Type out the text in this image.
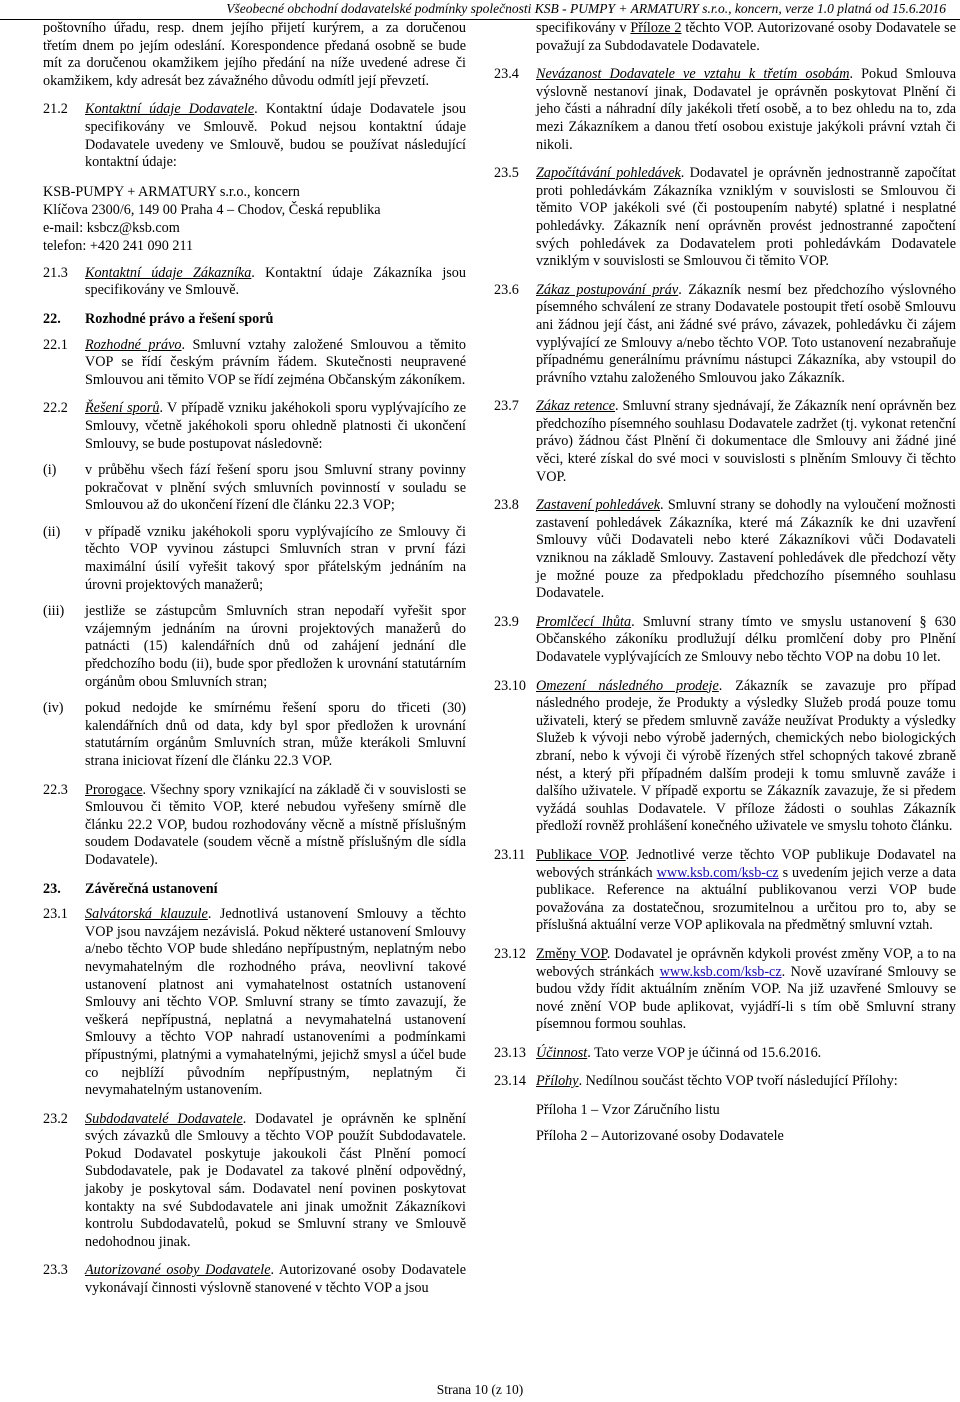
Všeobecné obchodní dodavatelské podmínky společnosti KSB - PUMPY + ARMATURY s.r.o., koncern, verze 1.0 platná od 15.6.2016

poštovního úřadu, resp. dnem jejího přijetí kurýrem, a za doručenou třetím dnem po jejím odeslání. Korespondence předaná osobně se bude mít za doručenou okamžikem jejího předání na níže uvedené adrese či okamžikem, kdy adresát bez závažného důvodu odmítl její převzetí.

21.2 Kontaktní údaje Dodavatele. Kontaktní údaje Dodavatele jsou specifikovány ve Smlouvě. Pokud nejsou kontaktní údaje Dodavatele uvedeny ve Smlouvě, budou se používat následující kontaktní údaje:
KSB-PUMPY + ARMATURY s.r.o., koncern
Klíčova 2300/6, 149 00 Praha 4 – Chodov, Česká republika
e-mail: ksbcz@ksb.com
telefon: +420 241 090 211
21.3 Kontaktní údaje Zákazníka. Kontaktní údaje Zákazníka jsou specifikovány ve Smlouvě.
22. Rozhodné právo a řešení sporů
22.1 Rozhodné právo. Smluvní vztahy založené Smlouvou a těmito VOP se řídí českým právním řádem. Skutečnosti neupravené Smlouvou ani těmito VOP se řídí zejména Občanským zákoníkem.
22.2 Řešení sporů. V případě vzniku jakéhokoli sporu vyplývajícího ze Smlouvy, včetně jakéhokoli sporu ohledně platnosti či ukončení Smlouvy, se bude postupovat následovně:
(i) v průběhu všech fází řešení sporu jsou Smluvní strany povinny pokračovat v plnění svých smluvních povinností v souladu se Smlouvou až do ukončení řízení dle článku 22.3 VOP;
(ii) v případě vzniku jakéhokoli sporu vyplývajícího ze Smlouvy či těchto VOP vyvinou zástupci Smluvních stran v první fázi maximální úsilí vyřešit takový spor přátelským jednáním na úrovni projektových manažerů;
(iii) jestliže se zástupcům Smluvních stran nepodaří vyřešit spor vzájemným jednáním na úrovni projektových manažerů do patnácti (15) kalendářních dnů od zahájení jednání dle předchozího bodu (ii), bude spor předložen k urovnání statutárním orgánům obou Smluvních stran;
(iv) pokud nedojde ke smírnému řešení sporu do třiceti (30) kalendářních dnů od data, kdy byl spor předložen k urovnání statutárním orgánům Smluvních stran, může kterákoli Smluvní strana iniciovat řízení dle článku 22.3 VOP.
22.3 Prorogace. Všechny spory vznikající na základě či v souvislosti se Smlouvou či těmito VOP, které nebudou vyřešeny smírně dle článku 22.2 VOP, budou rozhodovány věcně a místně příslušným soudem Dodavatele (soudem věcně a místně příslušným dle sídla Dodavatele).
23. Závěrečná ustanovení
23.1 Salvátorská klauzule. Jednotlivá ustanovení Smlouvy a těchto VOP jsou navzájem nezávislá. Pokud některé ustanovení Smlouvy a/nebo těchto VOP bude shledáno nepřípustným, neplatným nebo nevymahatelným dle rozhodného práva, neovlivní takové ustanovení platnost ani vymahatelnost ostatních ustanovení Smlouvy ani těchto VOP. Smluvní strany se tímto zavazují, že veškerá nepřípustná, neplatná a nevymahatelná ustanovení Smlouvy a těchto VOP nahradí ustanoveními a podmínkami přípustnými, platnými a vymahatelnými, jejichž smysl a účel bude co nejblíží původním nepřípustným, neplatným či nevymahatelným ustanovením.
23.2 Subdodavatelé Dodavatele. Dodavatel je oprávněn ke splnění svých závazků dle Smlouvy a těchto VOP použít Subdodavatele. Pokud Dodavatel poskytuje jakoukoli část Plnění pomocí Subdodavatele, pak je Dodavatel za takové plnění odpovědný, jakoby je poskytoval sám. Dodavatel není povinen poskytovat kontakty na své Subdodavatele ani jinak umožnit Zákazníkovi kontrolu Subdodavatelů, pokud se Smluvní strany ve Smlouvě nedohodnou jinak.
23.3 Autorizované osoby Dodavatele. Autorizované osoby Dodavatele vykonávají činnosti výslovně stanovené v těchto VOP a jsou

specifikovány v Příloze 2 těchto VOP. Autorizované osoby Dodavatele se považují za Subdodavatele Dodavatele.

23.4 Nevázanost Dodavatele ve vztahu k třetím osobám. Pokud Smlouva výslovně nestanoví jinak, Dodavatel je oprávněn poskytovat Plnění či jeho části a náhradní díly jakékoli třetí osobě, a to bez ohledu na to, zda mezi Zákazníkem a danou třetí osobou existuje jakýkoli právní vztah či nikoli.
23.5 Započítávání pohledávek. Dodavatel je oprávněn jednostranně započítat proti pohledávkám Zákazníka vzniklým v souvislosti se Smlouvou či těmito VOP jakékoli své (či postoupením nabyté) splatné i nesplatné pohledávky. Zákazník není oprávněn provést jednostranné započtení svých pohledávek za Dodavatelem proti pohledávkám Dodavatele vzniklým v souvislosti se Smlouvou či těmito VOP.
23.6 Zákaz postupování práv. Zákazník nesmí bez předchozího výslovného písemného schválení ze strany Dodavatele postoupit třetí osobě Smlouvu ani žádnou její část, ani žádné své právo, závazek, pohledávku či zájem vyplývající ze Smlouvy a/nebo těchto VOP. Toto ustanovení nezabraňuje případnému generálnímu právnímu nástupci Zákazníka, aby vstoupil do právního vztahu založeného Smlouvou jako Zákazník.
23.7 Zákaz retence. Smluvní strany sjednávají, že Zákazník není oprávněn bez předchozího písemného souhlasu Dodavatele zadržet (tj. vykonat retenční právo) žádnou část Plnění či dokumentace dle Smlouvy ani žádné jiné věci, které získal do své moci v souvislosti s plněním Smlouvy či těchto VOP.
23.8 Zastavení pohledávek. Smluvní strany se dohodly na vyloučení možnosti zastavení pohledávek Zákazníka, které má Zákazník ke dni uzavření Smlouvy vůči Dodavateli nebo které Zákazníkovi vůči Dodavateli vzniknou na základě Smlouvy. Zastavení pohledávek dle předchozí věty je možné pouze za předpokladu předchozího písemného souhlasu Dodavatele.
23.9 Promlčecí lhůta. Smluvní strany tímto ve smyslu ustanovení § 630 Občanského zákoníku prodlužují délku promlčení doby pro Plnění Dodavatele vyplývajících ze Smlouvy nebo těchto VOP na dobu 10 let.
23.10 Omezení následného prodeje. Zákazník se zavazuje pro případ následného prodeje, že Produkty a výsledky Služeb prodá pouze tomu uživateli, který se předem smluvně zaváže neužívat Produkty a výsledky Služeb k vývoji nebo výrobě jaderných, chemických nebo biologických zbraní, nebo k vývoji či výrobě řízených střel schopných takové zbraně nést, a který při případném dalším prodeji k tomu smluvně zaváže i dalšího uživatele. V případě exportu se Zákazník zavazuje, že si předem vyžádá souhlas Dodavatele. V příloze žádosti o souhlas Zákazník předloží rovněž prohlášení konečného uživatele ve smyslu tohoto článku.
23.11 Publikace VOP. Jednotlivé verze těchto VOP publikuje Dodavatel na webových stránkách www.ksb.com/ksb-cz s uvedením jejich verze a data publikace. Reference na aktuální publikovanou verzi VOP bude považována za dostatečnou, srozumitelnou a určitou pro to, aby se příslušná aktuální verze VOP aplikovala na předmětný smluvní vztah.
23.12 Změny VOP. Dodavatel je oprávněn kdykoli provést změny VOP, a to na webových stránkách www.ksb.com/ksb-cz. Nově uzavírané Smlouvy se budou vždy řídit aktuálním zněním VOP. Na již uzavřené Smlouvy se nové znění VOP bude aplikovat, vyjádří-li s tím obě Smluvní strany písemnou formou souhlas.
23.13 Účinnost. Tato verze VOP je účinná od 15.6.2016.
23.14 Přílohy. Nedílnou součást těchto VOP tvoří následující Přílohy:
Příloha 1 – Vzor Záručního listu
Příloha 2 – Autorizované osoby Dodavatele
Strana 10 (z 10)
